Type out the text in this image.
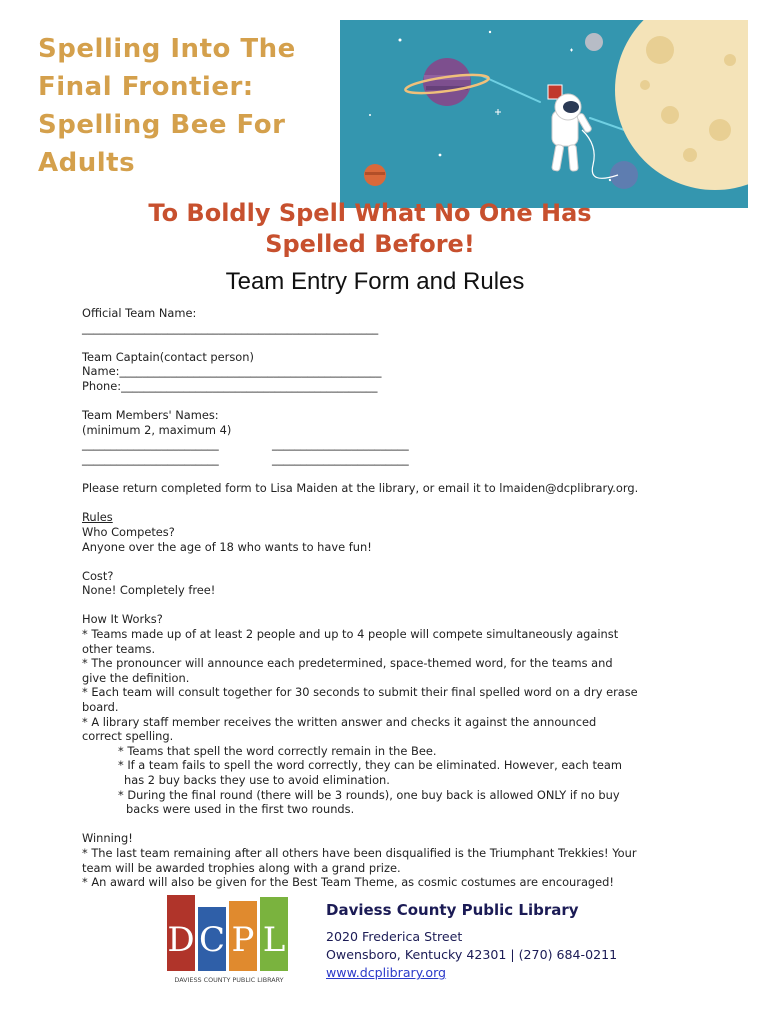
Spelling Into The
Final Frontier:
Spelling Bee For
Adults
To Boldly Spell What No One Has
Spelled Before!
Team Entry Form and Rules
Official Team Name:
____________________________________________________
Team Captain(contact person)
Name:______________________________________________
Phone:_____________________________________________
Team Members' Names:
(minimum 2, maximum 4)
________________________	________________________
________________________	________________________
Please return completed form to Lisa Maiden at the library, or email it to lmaiden@dcplibrary.org.
Rules
Who Competes?
Anyone over the age of 18 who wants to have fun!
Cost?
None! Completely free!
How It Works?
* Teams made up of at least 2 people and up to 4 people will compete simultaneously against
other teams.
* The pronouncer will announce each predetermined, space-themed word, for the teams and
give the definition.
* Each team will consult together for 30 seconds to submit their final spelled word on a dry erase
board.
* A library staff member receives the written answer and checks it against the announced
correct spelling.
* Teams that spell the word correctly remain in the Bee.
* If a team fails to spell the word correctly, they can be eliminated. However, each team
has 2 buy backs they use to avoid elimination.
* During the final round (there will be 3 rounds), one buy back is allowed ONLY if no buy
backs were used in the first two rounds.
Winning!
* The last team remaining after all others have been disqualified is the Triumphant Trekkies! Your
team will be awarded trophies along with a grand prize.
* An award will also be given for the Best Team Theme, as cosmic costumes are encouraged!
D C P L
DAVIESS COUNTY PUBLIC LIBRARY
Daviess County Public Library
2020 Frederica Street
Owensboro, Kentucky 42301 | (270) 684-0211
www.dcplibrary.org
